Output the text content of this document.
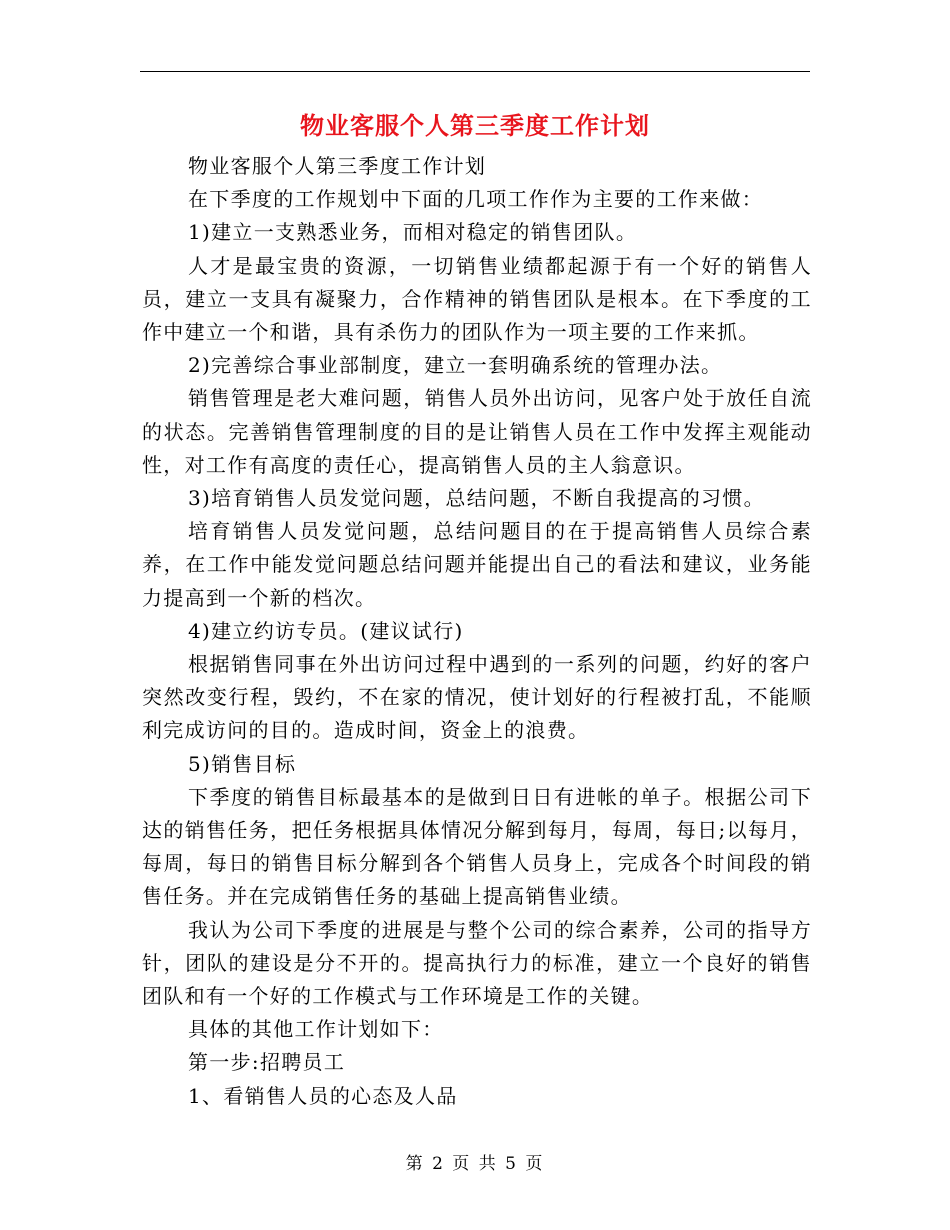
物业客服个人第三季度工作计划

物业客服个人第三季度工作计划

在下季度的工作规划中下面的几项工作作为主要的工作来做：

1)建立一支熟悉业务，而相对稳定的销售团队。

人才是最宝贵的资源，一切销售业绩都起源于有一个好的销售人员，建立一支具有凝聚力，合作精神的销售团队是根本。在下季度的工作中建立一个和谐，具有杀伤力的团队作为一项主要的工作来抓。

2)完善综合事业部制度，建立一套明确系统的管理办法。

销售管理是老大难问题，销售人员外出访问，见客户处于放任自流的状态。完善销售管理制度的目的是让销售人员在工作中发挥主观能动性，对工作有高度的责任心，提高销售人员的主人翁意识。

3)培育销售人员发觉问题，总结问题，不断自我提高的习惯。

培育销售人员发觉问题，总结问题目的在于提高销售人员综合素养，在工作中能发觉问题总结问题并能提出自己的看法和建议，业务能力提高到一个新的档次。

4)建立约访专员。(建议试行)

根据销售同事在外出访问过程中遇到的一系列的问题，约好的客户突然改变行程，毁约，不在家的情况，使计划好的行程被打乱，不能顺利完成访问的目的。造成时间，资金上的浪费。

5)销售目标

下季度的销售目标最基本的是做到日日有进帐的单子。根据公司下达的销售任务，把任务根据具体情况分解到每月，每周，每日;以每月，每周，每日的销售目标分解到各个销售人员身上，完成各个时间段的销售任务。并在完成销售任务的基础上提高销售业绩。

我认为公司下季度的进展是与整个公司的综合素养，公司的指导方针，团队的建设是分不开的。提高执行力的标准，建立一个良好的销售团队和有一个好的工作模式与工作环境是工作的关键。

具体的其他工作计划如下：

第一步:招聘员工

1、看销售人员的心态及人品

第 2 页 共 5 页
